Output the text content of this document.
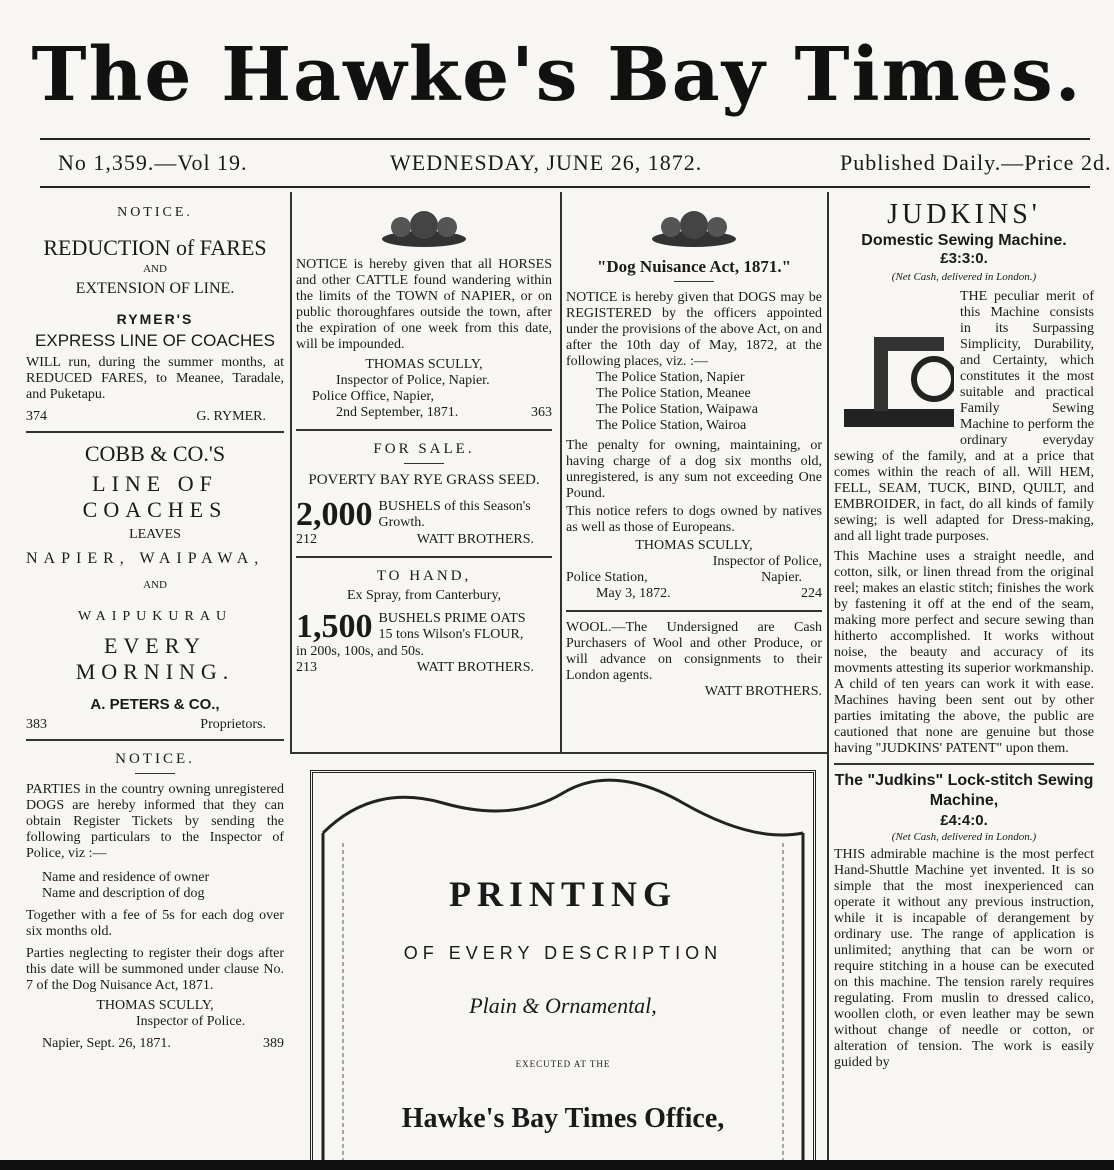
The Hawke's Bay Times.
No 1,359.—Vol 19.	WEDNESDAY, JUNE 26, 1872.	Published Daily.—Price 2d.
NOTICE.
REDUCTION of FARES
AND
EXTENSION OF LINE.
RYMER'S
EXPRESS LINE OF COACHES

WILL run, during the summer months, at REDUCED FARES, to Meanee, Taradale, and Puketapu.

374	G. RYMER.
COBB & CO.'S
LINE OF COACHES
LEAVES
NAPIER, WAIPAWA,
AND
WAIPUKURAU
EVERY MORNING.
A. PETERS & CO.,
383	Proprietors.
NOTICE.

PARTIES in the country owning unregistered DOGS are hereby informed that they can obtain Register Tickets by sending the following particulars to the Inspector of Police, viz :—

Name and residence of owner

Name and description of dog

Together with a fee of 5s for each dog over six months old.

Parties neglecting to register their dogs after this date will be summoned under clause No. 7 of the Dog Nuisance Act, 1871.

THOMAS SCULLY,
Inspector of Police.
Napier, Sept. 26, 1871.	389

NOTICE is hereby given that all HORSES and other CATTLE found wandering within the limits of the TOWN of NAPIER, or on public thoroughfares outside the town, after the expiration of one week from this date, will be impounded.

THOMAS SCULLY,
Inspector of Police, Napier.
Police Office, Napier,
2nd September, 1871.	363
FOR SALE.
POVERTY BAY RYE GRASS SEED.
2,000 BUSHELS of this Season's Growth.
212	WATT BROTHERS.
TO HAND,
Ex Spray, from Canterbury,
1,500 BUSHELS PRIME OATS
15 tons Wilson's FLOUR,
in 200s, 100s, and 50s.
213	WATT BROTHERS.
"Dog Nuisance Act, 1871."

NOTICE is hereby given that DOGS may be REGISTERED by the officers appointed under the provisions of the above Act, on and after the 10th day of May, 1872, at the following places, viz. :—

The Police Station, Napier
The Police Station, Meanee
The Police Station, Waipawa
The Police Station, Wairoa

The penalty for owning, maintaining, or having charge of a dog six months old, unregistered, is any sum not exceeding One Pound.

This notice refers to dogs owned by natives as well as those of Europeans.

THOMAS SCULLY,
Inspector of Police,
Police Station,	Napier.
May 3, 1872.	224

WOOL.—The Undersigned are Cash Purchasers of Wool and other Produce, or will advance on consignments to their London agents.

WATT BROTHERS.
PRINTING
OF EVERY DESCRIPTION
Plain & Ornamental,
EXECUTED AT THE
Hawke's Bay Times Office,
JUDKINS'
Domestic Sewing Machine.
£3:3:0.
(Net Cash, delivered in London.)

THE peculiar merit of this Machine consists in its Surpassing Simplicity, Durability, and Certainty, which constitutes it the most suitable and practical Family Sewing Machine to perform the ordinary everyday sewing of the family, and at a price that comes within the reach of all. Will HEM, FELL, SEAM, TUCK, BIND, QUILT, and EMBROIDER, in fact, do all kinds of family sewing; is well adapted for Dress-making, and all light trade purposes.

This Machine uses a straight needle, and cotton, silk, or linen thread from the original reel; makes an elastic stitch; finishes the work by fastening it off at the end of the seam, making more perfect and secure sewing than hitherto accomplished. It works without noise, the beauty and accuracy of its movments attesting its superior workmanship. A child of ten years can work it with ease. Machines having been sent out by other parties imitating the above, the public are cautioned that none are genuine but those having "JUDKINS' PATENT" upon them.

The "Judkins" Lock-stitch Sewing Machine,
£4:4:0.
(Net Cash, delivered in London.)

THIS admirable machine is the most perfect Hand-Shuttle Machine yet invented. It is so simple that the most inexperienced can operate it without any previous instruction, while it is incapable of derangement by ordinary use. The range of application is unlimited; anything that can be worn or require stitching in a house can be executed on this machine. The tension rarely requires regulating. From muslin to dressed calico, woollen cloth, or even leather may be sewn without change of needle or cotton, or alteration of tension. The work is easily guided by
